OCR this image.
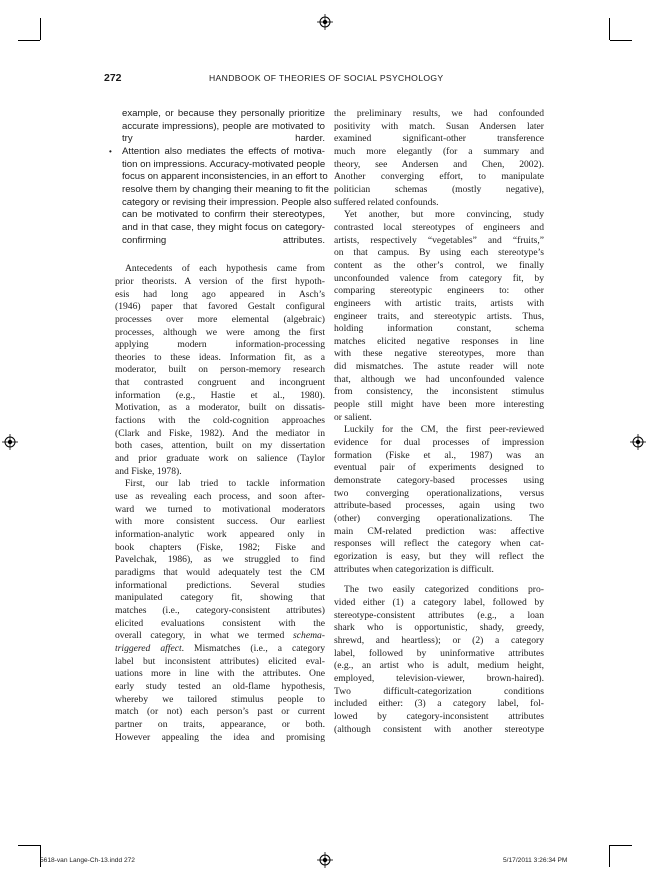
272	HANDBOOK OF THEORIES OF SOCIAL PSYCHOLOGY
example, or because they personally prioritize
accurate impressions), people are motivated to
try harder.
• Attention also mediates the effects of motiva-
tion on impressions. Accuracy-motivated people
focus on apparent inconsistencies, in an effort to
resolve them by changing their meaning to fit the
category or revising their impression. People also
can be motivated to confirm their stereotypes,
and in that case, they might focus on category-
confirming attributes.
Antecedents of each hypothesis came from
prior theorists. A version of the first hypoth-
esis had long ago appeared in Asch’s
(1946) paper that favored Gestalt configural
processes over more elemental (algebraic)
processes, although we were among the first
applying modern information-processing
theories to these ideas. Information fit, as a
moderator, built on person-memory research
that contrasted congruent and incongruent
information (e.g., Hastie et al., 1980).
Motivation, as a moderator, built on dissatis-
factions with the cold-cognition approaches
(Clark and Fiske, 1982). And the mediator in
both cases, attention, built on my dissertation
and prior graduate work on salience (Taylor
and Fiske, 1978).
First, our lab tried to tackle information
use as revealing each process, and soon after-
ward we turned to motivational moderators
with more consistent success. Our earliest
information-analytic work appeared only in
book chapters (Fiske, 1982; Fiske and
Pavelchak, 1986), as we struggled to find
paradigms that would adequately test the CM
informational predictions. Several studies
manipulated category fit, showing that
matches (i.e., category-consistent attributes)
elicited evaluations consistent with the
overall category, in what we termed schema-
triggered affect. Mismatches (i.e., a category
label but inconsistent attributes) elicited eval-
uations more in line with the attributes. One
early study tested an old-flame hypothesis,
whereby we tailored stimulus people to
match (or not) each person’s past or current
partner on traits, appearance, or both.
However appealing the idea and promising
the preliminary results, we had confounded
positivity with match. Susan Andersen later
examined significant-other transference
much more elegantly (for a summary and
theory, see Andersen and Chen, 2002).
Another converging effort, to manipulate
politician schemas (mostly negative),
suffered related confounds.
Yet another, but more convincing, study
contrasted local stereotypes of engineers and
artists, respectively “vegetables” and “fruits,”
on that campus. By using each stereotype’s
content as the other’s control, we finally
unconfounded valence from category fit, by
comparing stereotypic engineers to: other
engineers with artistic traits, artists with
engineer traits, and stereotypic artists. Thus,
holding information constant, schema
matches elicited negative responses in line
with these negative stereotypes, more than
did mismatches. The astute reader will note
that, although we had unconfounded valence
from consistency, the inconsistent stimulus
people still might have been more interesting
or salient.
Luckily for the CM, the first peer-reviewed
evidence for dual processes of impression
formation (Fiske et al., 1987) was an
eventual pair of experiments designed to
demonstrate category-based processes using
two converging operationalizations, versus
attribute-based processes, again using two
(other) converging operationalizations. The
main CM-related prediction was: affective
responses will reflect the category when cat-
egorization is easy, but they will reflect the
attributes when categorization is difficult.
The two easily categorized conditions pro-
vided either (1) a category label, followed by
stereotype-consistent attributes (e.g., a loan
shark who is opportunistic, shady, greedy,
shrewd, and heartless); or (2) a category
label, followed by uninformative attributes
(e.g., an artist who is adult, medium height,
employed, television-viewer, brown-haired).
Two difficult-categorization conditions
included either: (3) a category label, fol-
lowed by category-inconsistent attributes
(although consistent with another stereotype
5618-van Lange-Ch-13.indd 272	5/17/2011 3:26:34 PM
